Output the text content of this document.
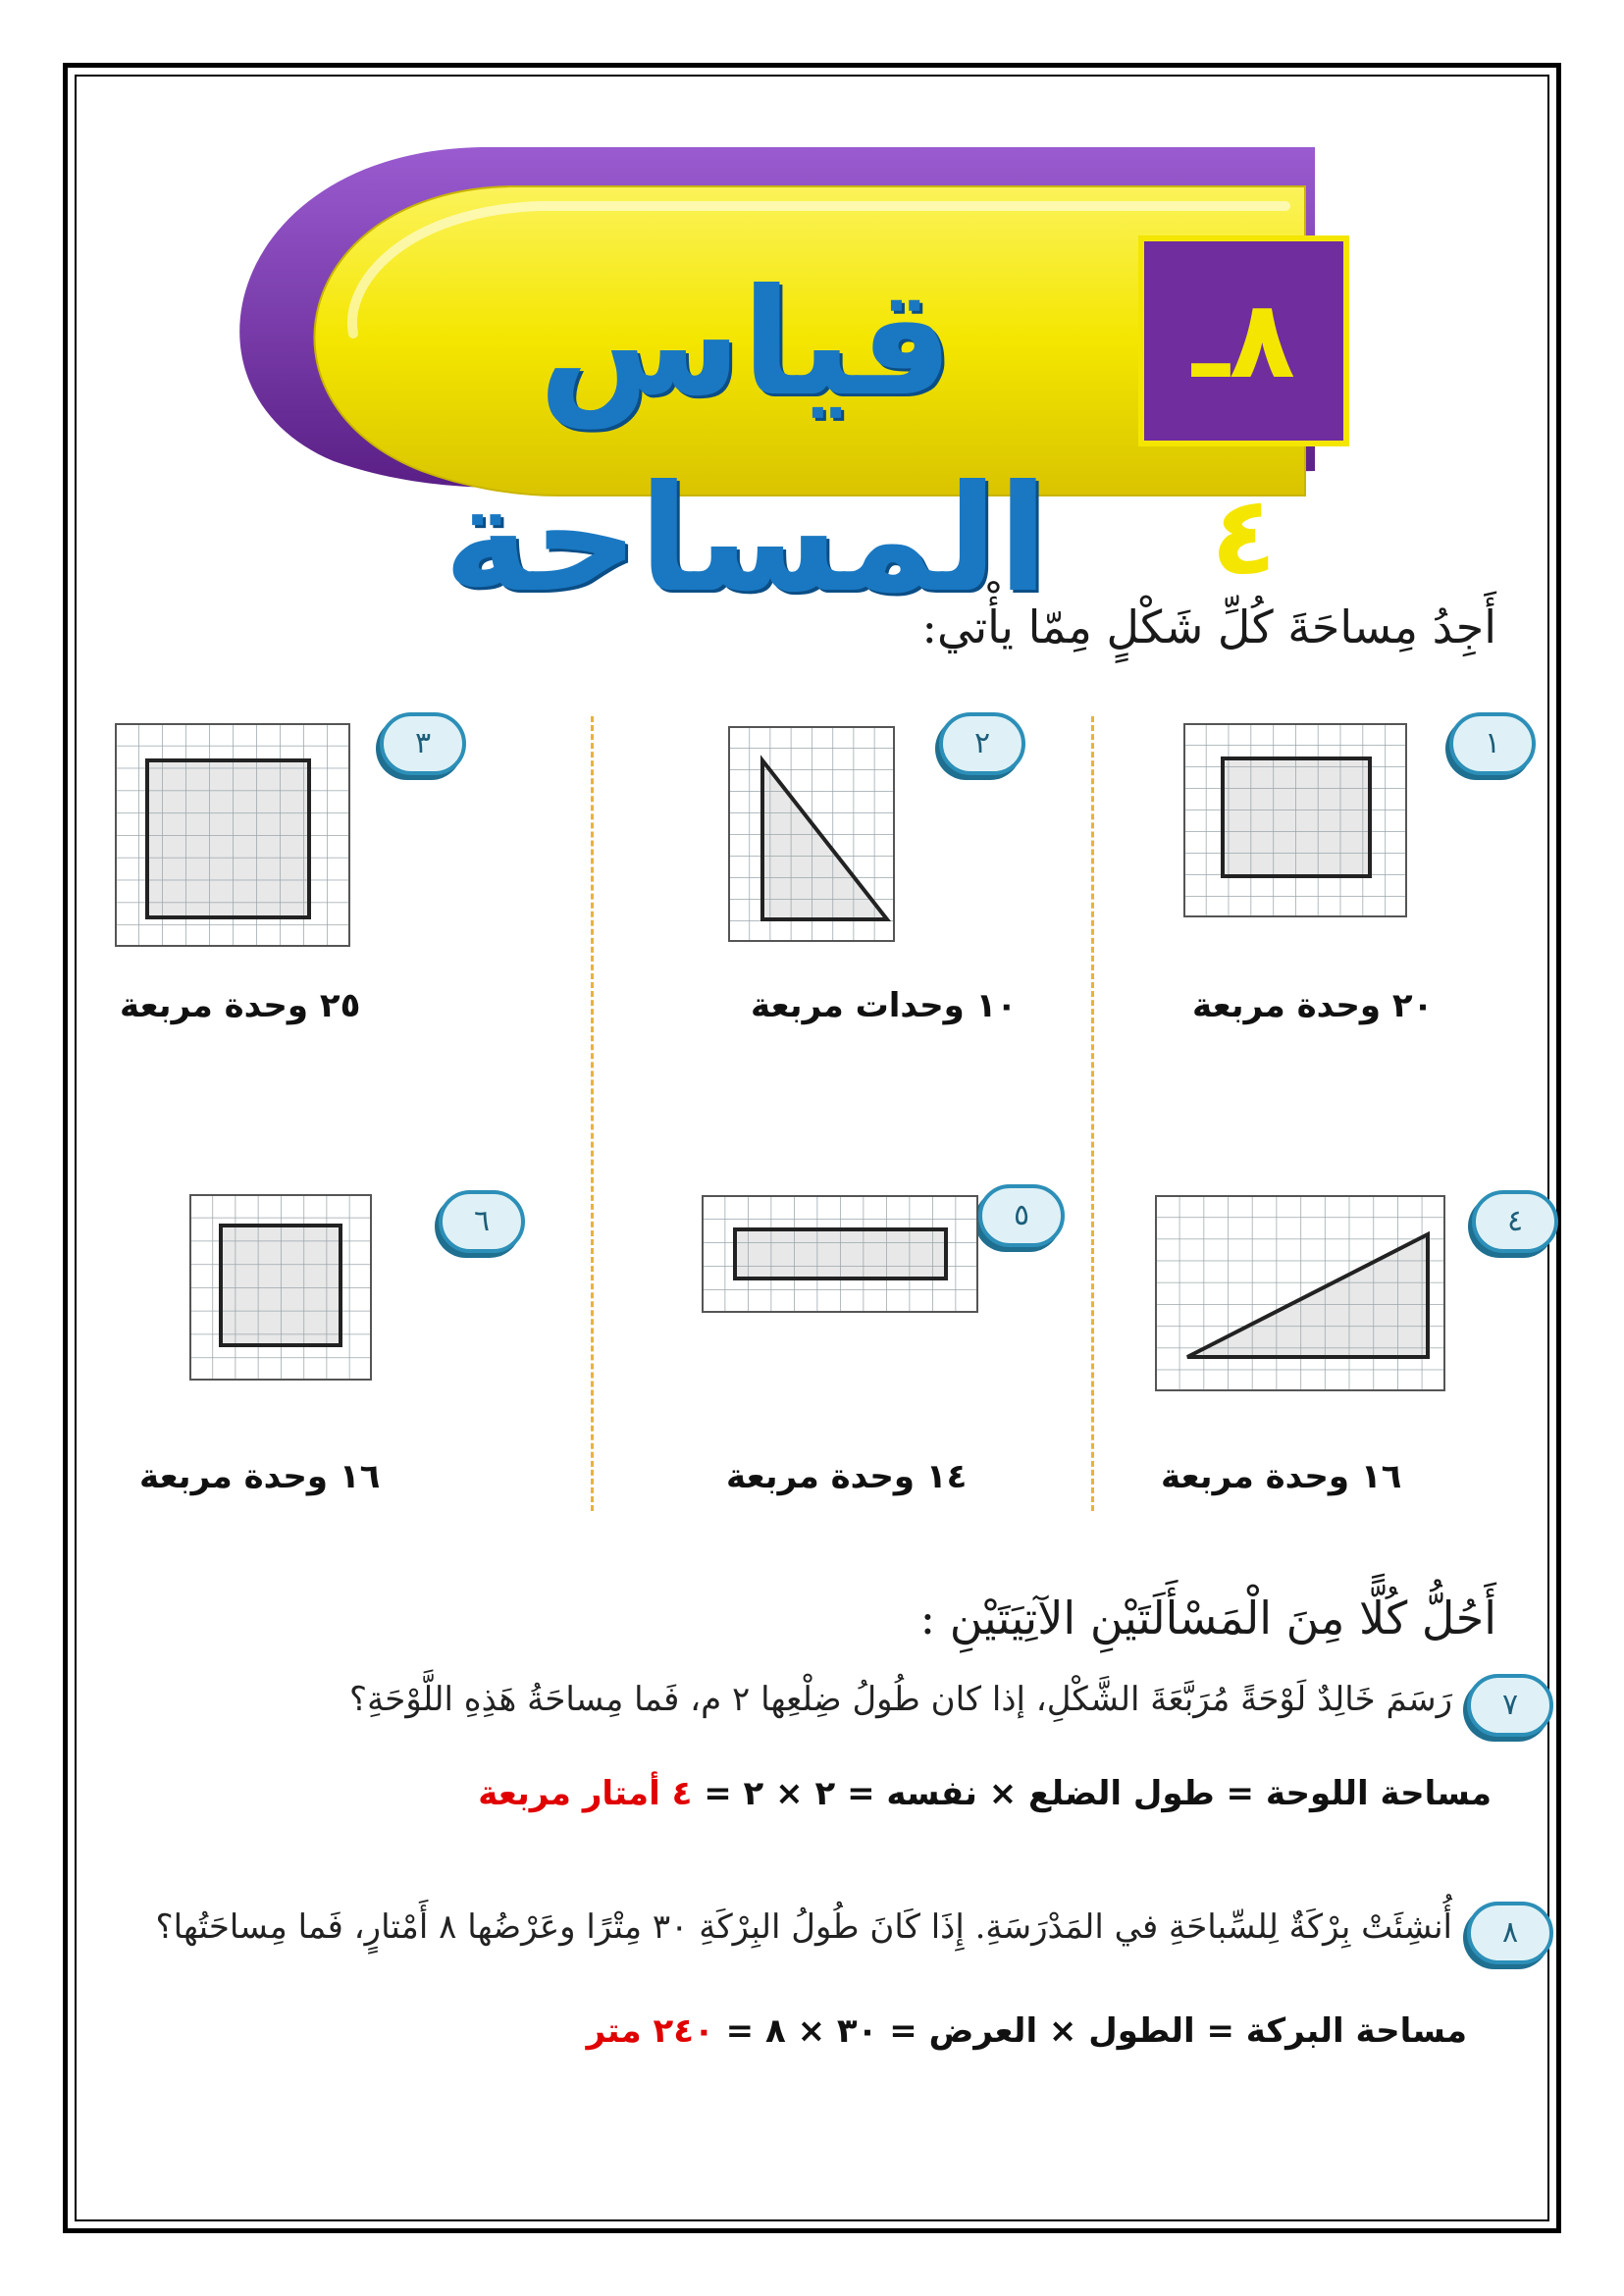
قياس المساحة
٨ـ ٤
أَجِدُ مِساحَةَ كُلِّ شَكْلٍ مِمّا يأْتي:
١
٢
٣
٢٠ وحدة مربعة
١٠ وحدات مربعة
٢٥ وحدة مربعة
٤
٥
٦
١٦ وحدة مربعة
١٤ وحدة مربعة
١٦ وحدة مربعة
أَحُلُّ كُلًّا مِنَ الْمَسْأَلَتَيْنِ الآتِيَتَيْنِ :
٧
رَسَمَ خَالِدٌ لَوْحَةً مُرَبَّعَةَ الشَّكْلِ، إذا كان طُولُ ضِلْعِها ٢ م، فَما مِساحَةُ هَذِهِ اللَّوْحَةِ؟
مساحة اللوحة = طول الضلع × نفسه = ٢ × ٢ = ٤ أمتار مربعة
٨
أُنشِئَتْ بِرْكَةٌ لِلسِّباحَةِ في المَدْرَسَةِ. إِذَا كَانَ طُولُ البِرْكَةِ ٣٠ مِتْرًا وعَرْضُها ٨ أَمْتارٍ، فَما مِساحَتُها؟
مساحة البركة = الطول × العرض = ٣٠ × ٨ = ٢٤٠ متر
